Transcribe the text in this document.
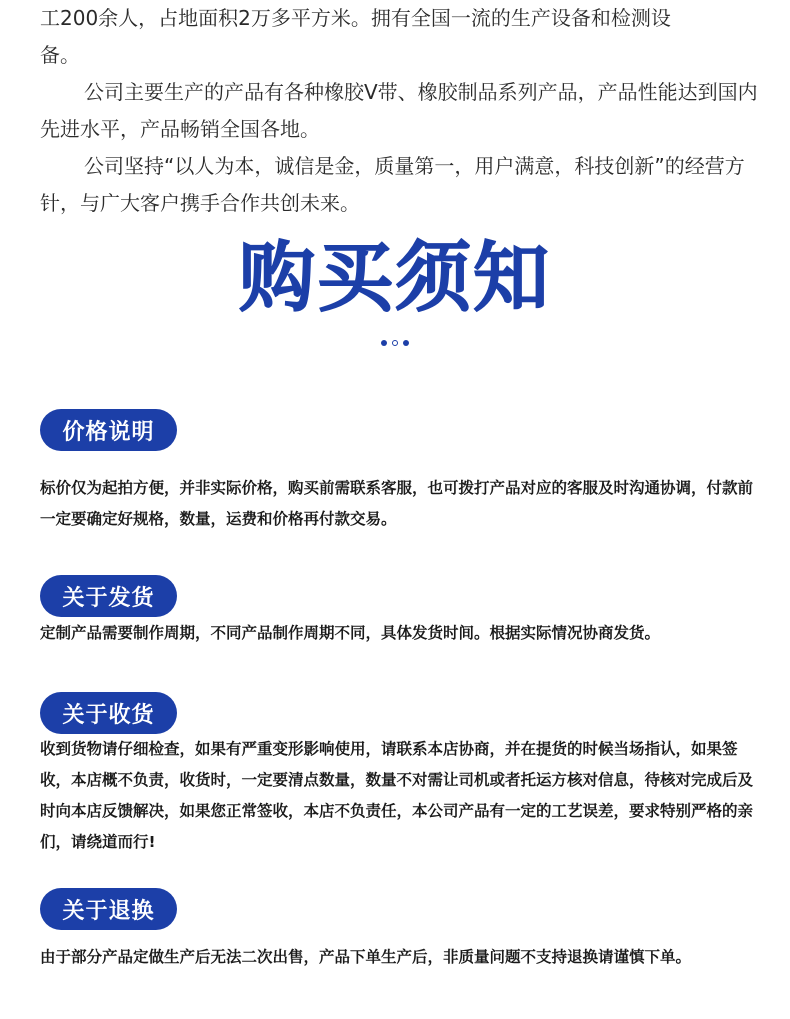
工200余人，占地面积2万多平方米。拥有全国一流的生产设备和检测设

备。

公司主要生产的产品有各种橡胶V带、橡胶制品系列产品，产品性能达到国内先进水平，产品畅销全国各地。

公司坚持“以人为本，诚信是金，质量第一，用户满意，科技创新”的经营方针，与广大客户携手合作共创未来。

购买须知
价格说明

标价仅为起拍方便，并非实际价格，购买前需联系客服，也可拨打产品对应的客服及时沟通协调，付款前一定要确定好规格，数量，运费和价格再付款交易。

关于发货

定制产品需要制作周期，不同产品制作周期不同，具体发货时间。根据实际情况协商发货。

关于收货

收到货物请仔细检查，如果有严重变形影响使用，请联系本店协商，并在提货的时候当场指认，如果签收，本店概不负责，收货时，一定要清点数量，数量不对需让司机或者托运方核对信息，待核对完成后及时向本店反馈解决，如果您正常签收，本店不负责任，本公司产品有一定的工艺误差，要求特别严格的亲们，请绕道而行!

关于退换

由于部分产品定做生产后无法二次出售，产品下单生产后，非质量问题不支持退换请谨慎下单。
